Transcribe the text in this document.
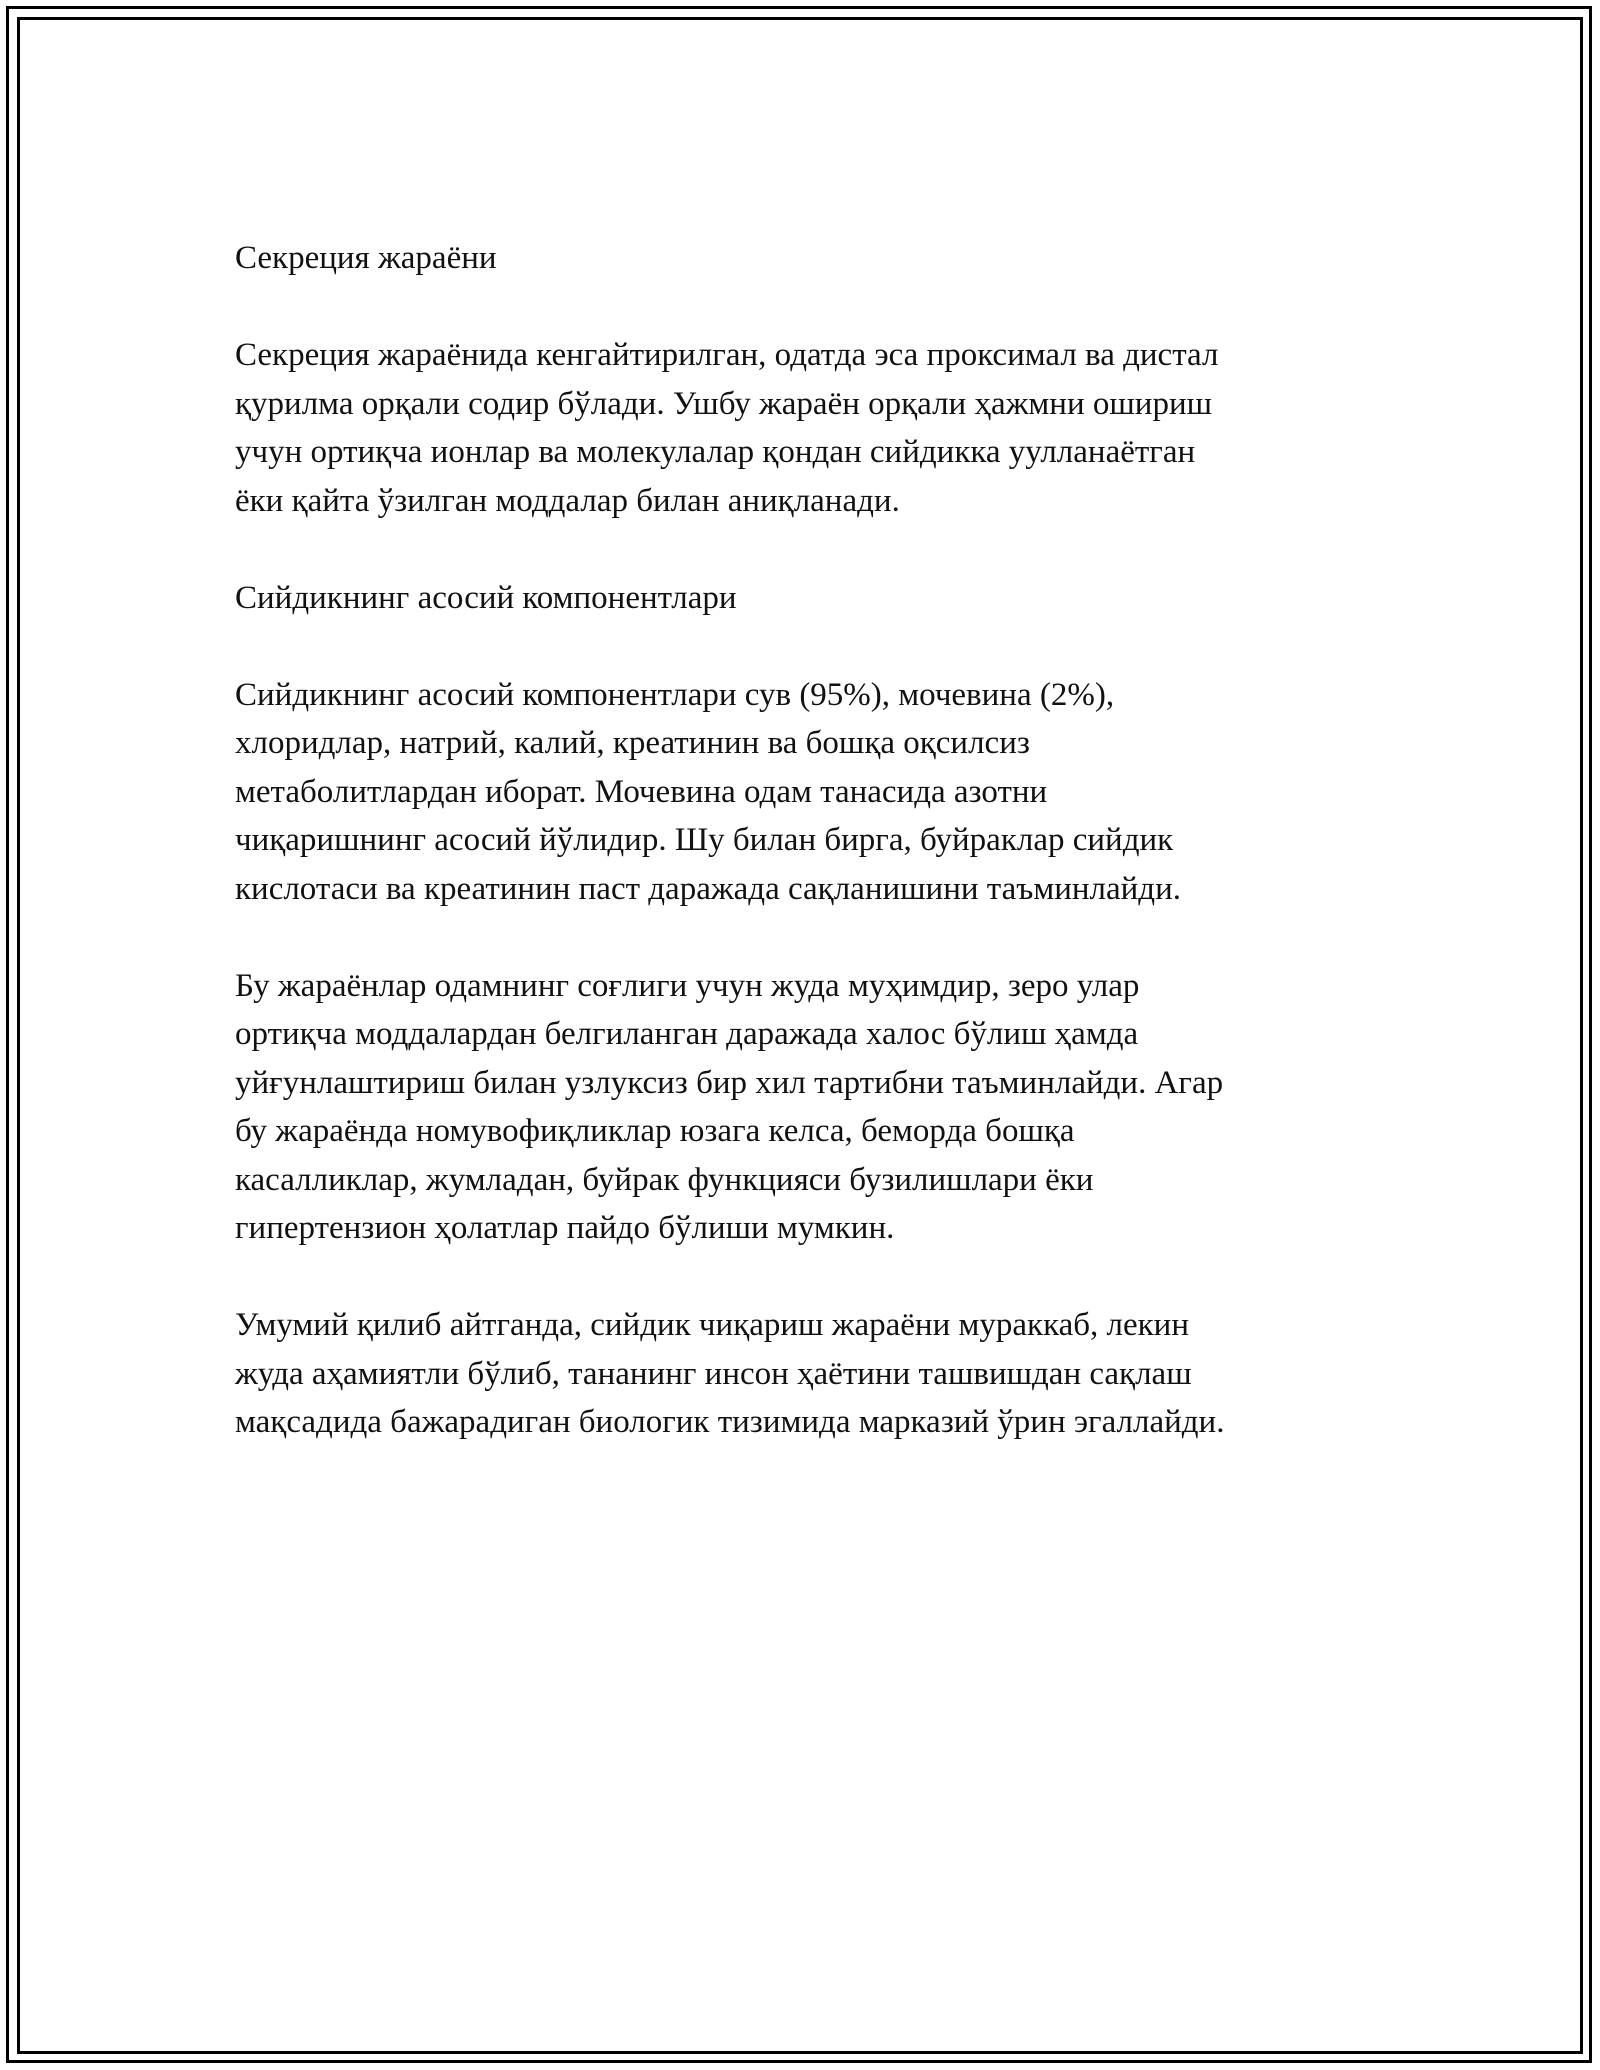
Секреция жараёни
Секреция жараёнида кенгайтирилган, одатда эса проксимал ва дистал
қурилма орқали содир бўлади. Ушбу жараён орқали ҳажмни ошириш
учун ортиқча ионлар ва молекулалар қондан сийдикка уулланаётган
ёки қайта ўзилган моддалар билан аниқланади.
Сийдикнинг асосий компонентлари
Сийдикнинг асосий компонентлари сув (95%), мочевина (2%),
хлоридлар, натрий, калий, креатинин ва бошқа оқсилсиз
метаболитлардан иборат. Мочевина одам танасида азотни
чиқаришнинг асосий йўлидир. Шу билан бирга, буйраклар сийдик
кислотаси ва креатинин паст даражада сақланишини таъминлайди.
Бу жараёнлар одамнинг соғлиги учун жуда муҳимдир, зеро улар
ортиқча моддалардан белгиланган даражада халос бўлиш ҳамда
уйғунлаштириш билан узлуксиз бир хил тартибни таъминлайди. Агар
бу жараёнда номувофиқликлар юзага келса, беморда бошқа
касалликлар, жумладан, буйрак функцияси бузилишлари ёки
гипертензион ҳолатлар пайдо бўлиши мумкин.
Умумий қилиб айтганда, сийдик чиқариш жараёни мураккаб, лекин
жуда аҳамиятли бўлиб, тананинг инсон ҳаётини ташвишдан сақлаш
мақсадида бажарадиган биологик тизимида марказий ўрин эгаллайди.
